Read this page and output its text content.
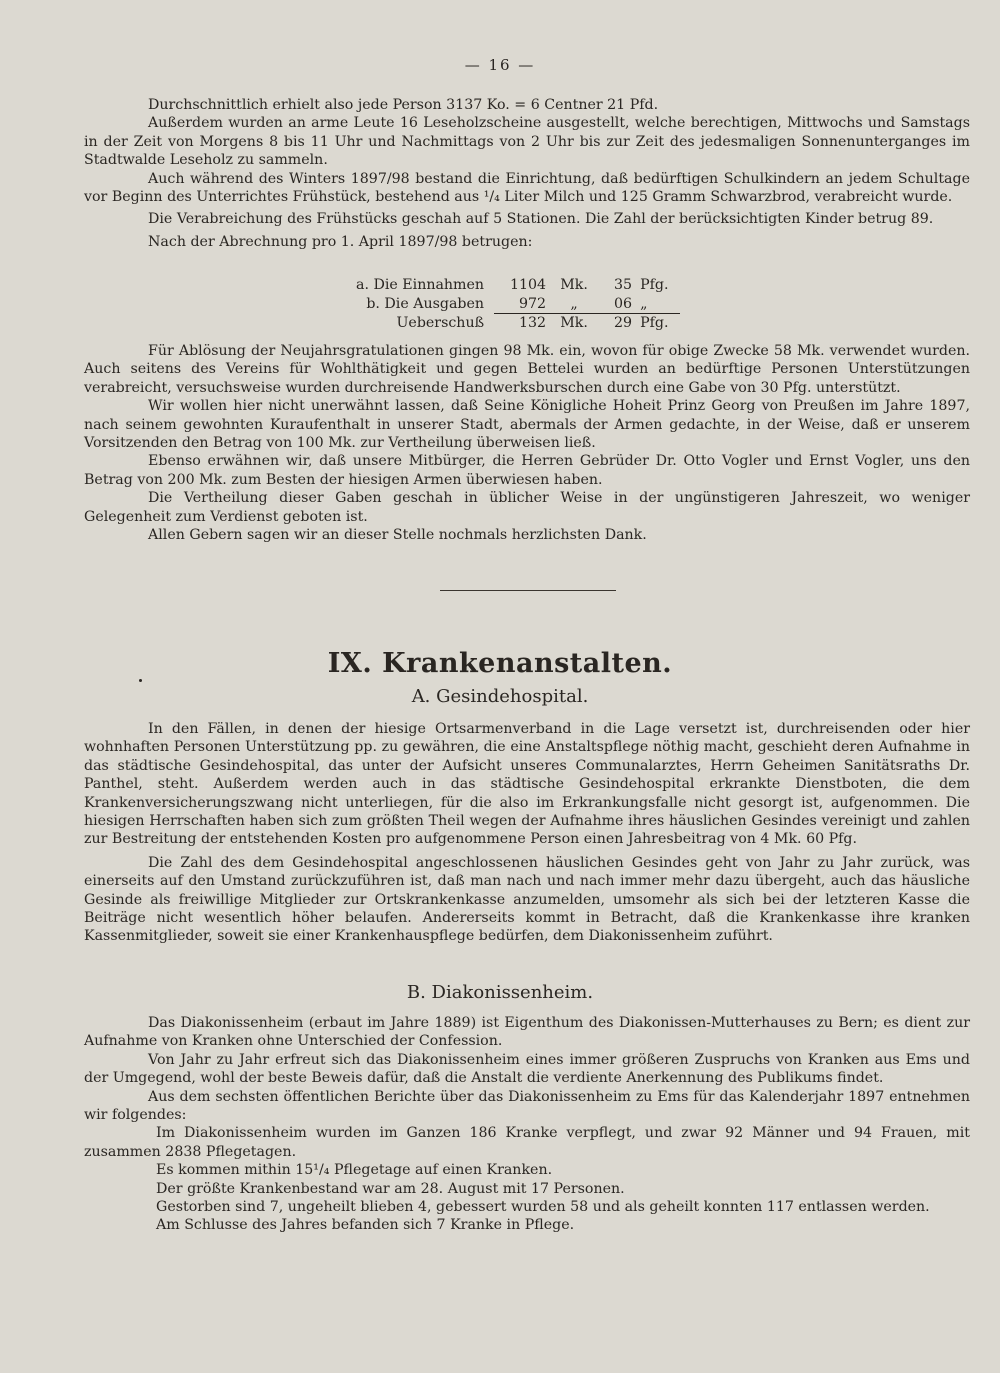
— 16 —

Durchschnittlich erhielt also jede Person 3137 Ko. = 6 Centner 21 Pfd.

Außerdem wurden an arme Leute 16 Leseholzscheine ausgestellt, welche berechtigen, Mittwochs und Samstags in der Zeit von Morgens 8 bis 11 Uhr und Nachmittags von 2 Uhr bis zur Zeit des jedesmaligen Sonnenunterganges im Stadtwalde Leseholz zu sammeln.

Auch während des Winters 1897/98 bestand die Einrichtung, daß bedürftigen Schulkindern an jedem Schultage vor Beginn des Unterrichtes Frühstück, bestehend aus ¹/₄ Liter Milch und 125 Gramm Schwarzbrod, verabreicht wurde.

Die Verabreichung des Frühstücks geschah auf 5 Stationen. Die Zahl der berücksichtigten Kinder betrug 89.

Nach der Abrechnung pro 1. April 1897/98 betrugen:

a. Die Einnahmen	1104	Mk.	35	Pfg.
b. Die Ausgaben	972	„	06	„
Ueberschuß	132	Mk.	29	Pfg.

Für Ablösung der Neujahrsgratulationen gingen 98 Mk. ein, wovon für obige Zwecke 58 Mk. verwendet wurden. Auch seitens des Vereins für Wohlthätigkeit und gegen Bettelei wurden an bedürftige Personen Unterstützungen verabreicht, versuchsweise wurden durchreisende Handwerksburschen durch eine Gabe von 30 Pfg. unterstützt.

Wir wollen hier nicht unerwähnt lassen, daß Seine Königliche Hoheit Prinz Georg von Preußen im Jahre 1897, nach seinem gewohnten Kuraufenthalt in unserer Stadt, abermals der Armen gedachte, in der Weise, daß er unserem Vorsitzenden den Betrag von 100 Mk. zur Vertheilung überweisen ließ.

Ebenso erwähnen wir, daß unsere Mitbürger, die Herren Gebrüder Dr. Otto Vogler und Ernst Vogler, uns den Betrag von 200 Mk. zum Besten der hiesigen Armen überwiesen haben.

Die Vertheilung dieser Gaben geschah in üblicher Weise in der ungünstigeren Jahreszeit, wo weniger Gelegenheit zum Verdienst geboten ist.

Allen Gebern sagen wir an dieser Stelle nochmals herzlichsten Dank.

IX. Krankenanstalten.
A. Gesindehospital.

In den Fällen, in denen der hiesige Ortsarmenverband in die Lage versetzt ist, durchreisenden oder hier wohnhaften Personen Unterstützung pp. zu gewähren, die eine Anstaltspflege nöthig macht, geschieht deren Aufnahme in das städtische Gesindehospital, das unter der Aufsicht unseres Communalarztes, Herrn Geheimen Sanitätsraths Dr. Panthel, steht. Außerdem werden auch in das städtische Gesindehospital erkrankte Dienstboten, die dem Krankenversicherungszwang nicht unterliegen, für die also im Erkrankungsfalle nicht gesorgt ist, aufgenommen. Die hiesigen Herrschaften haben sich zum größten Theil wegen der Aufnahme ihres häuslichen Gesindes vereinigt und zahlen zur Bestreitung der entstehenden Kosten pro aufgenommene Person einen Jahresbeitrag von 4 Mk. 60 Pfg.

Die Zahl des dem Gesindehospital angeschlossenen häuslichen Gesindes geht von Jahr zu Jahr zurück, was einerseits auf den Umstand zurückzuführen ist, daß man nach und nach immer mehr dazu übergeht, auch das häusliche Gesinde als freiwillige Mitglieder zur Ortskrankenkasse anzumelden, umsomehr als sich bei der letzteren Kasse die Beiträge nicht wesentlich höher belaufen. Andererseits kommt in Betracht, daß die Krankenkasse ihre kranken Kassenmitglieder, soweit sie einer Krankenhauspflege bedürfen, dem Diakonissenheim zuführt.

B. Diakonissenheim.

Das Diakonissenheim (erbaut im Jahre 1889) ist Eigenthum des Diakonissen-Mutterhauses zu Bern; es dient zur Aufnahme von Kranken ohne Unterschied der Confession.

Von Jahr zu Jahr erfreut sich das Diakonissenheim eines immer größeren Zuspruchs von Kranken aus Ems und der Umgegend, wohl der beste Beweis dafür, daß die Anstalt die verdiente Anerkennung des Publikums findet.

Aus dem sechsten öffentlichen Berichte über das Diakonissenheim zu Ems für das Kalenderjahr 1897 entnehmen wir folgendes:

Im Diakonissenheim wurden im Ganzen 186 Kranke verpflegt, und zwar 92 Männer und 94 Frauen, mit zusammen 2838 Pflegetagen.

Es kommen mithin 15¹/₄ Pflegetage auf einen Kranken.

Der größte Krankenbestand war am 28. August mit 17 Personen.

Gestorben sind 7, ungeheilt blieben 4, gebessert wurden 58 und als geheilt konnten 117 entlassen werden.

Am Schlusse des Jahres befanden sich 7 Kranke in Pflege.
